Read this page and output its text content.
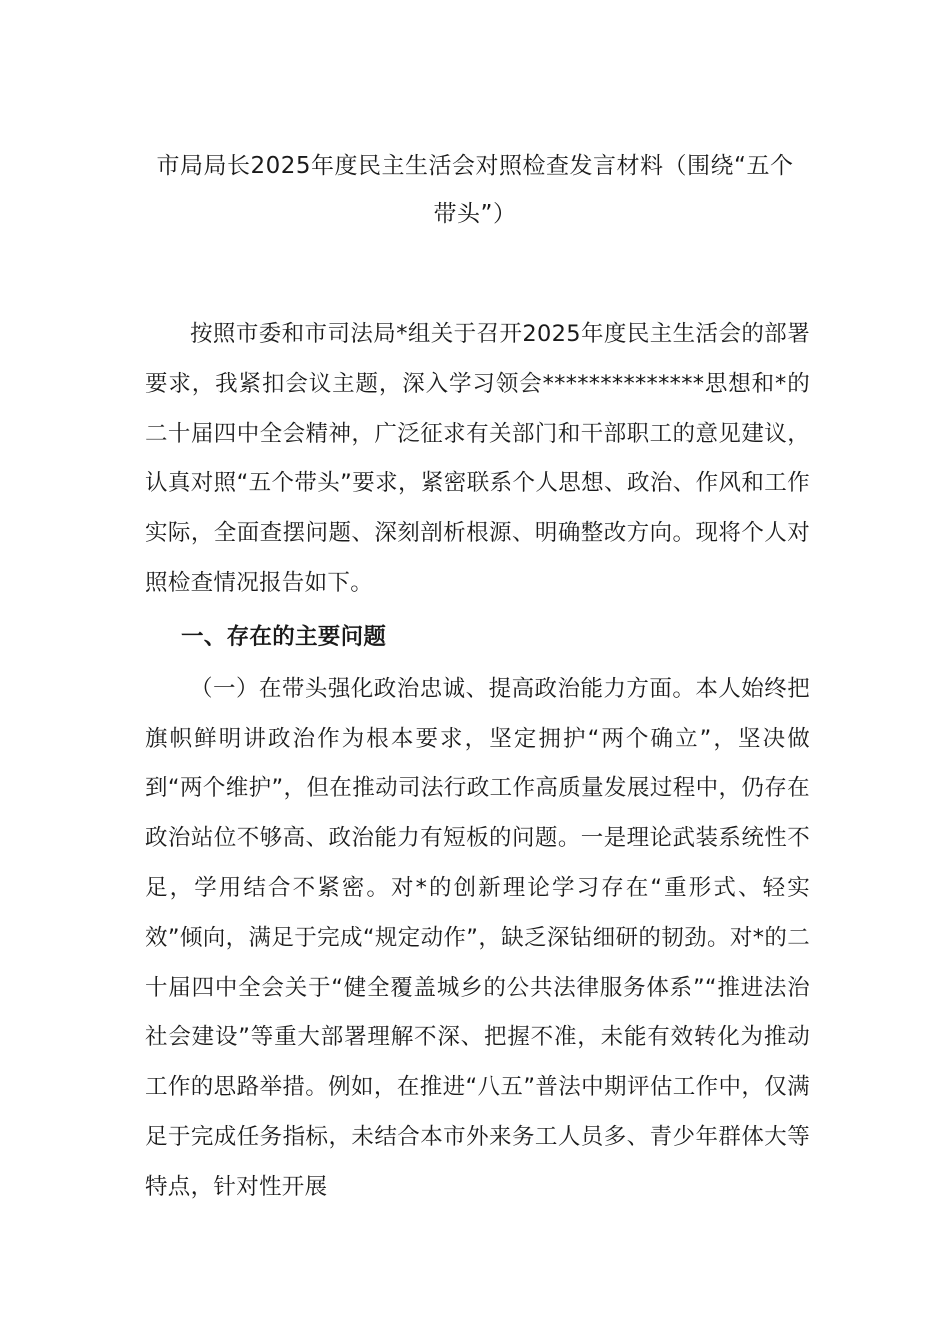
市局局长2025年度民主生活会对照检查发言材料（围绕“五个带头”）

按照市委和市司法局*组关于召开2025年度民主生活会的部署要求，我紧扣会议主题，深入学习领会**************思想和*的二十届四中全会精神，广泛征求有关部门和干部职工的意见建议，认真对照“五个带头”要求，紧密联系个人思想、政治、作风和工作实际，全面查摆问题、深刻剖析根源、明确整改方向。现将个人对照检查情况报告如下。

一、存在的主要问题

（一）在带头强化政治忠诚、提高政治能力方面。本人始终把旗帜鲜明讲政治作为根本要求，坚定拥护“两个确立”，坚决做到“两个维护”，但在推动司法行政工作高质量发展过程中，仍存在政治站位不够高、政治能力有短板的问题。一是理论武装系统性不足，学用结合不紧密。对*的创新理论学习存在“重形式、轻实效”倾向，满足于完成“规定动作”，缺乏深钻细研的韧劲。对*的二十届四中全会关于“健全覆盖城乡的公共法律服务体系”“推进法治社会建设”等重大部署理解不深、把握不准，未能有效转化为推动工作的思路举措。例如，在推进“八五”普法中期评估工作中，仅满足于完成任务指标，未结合本市外来务工人员多、青少年群体大等特点，针对性开展
